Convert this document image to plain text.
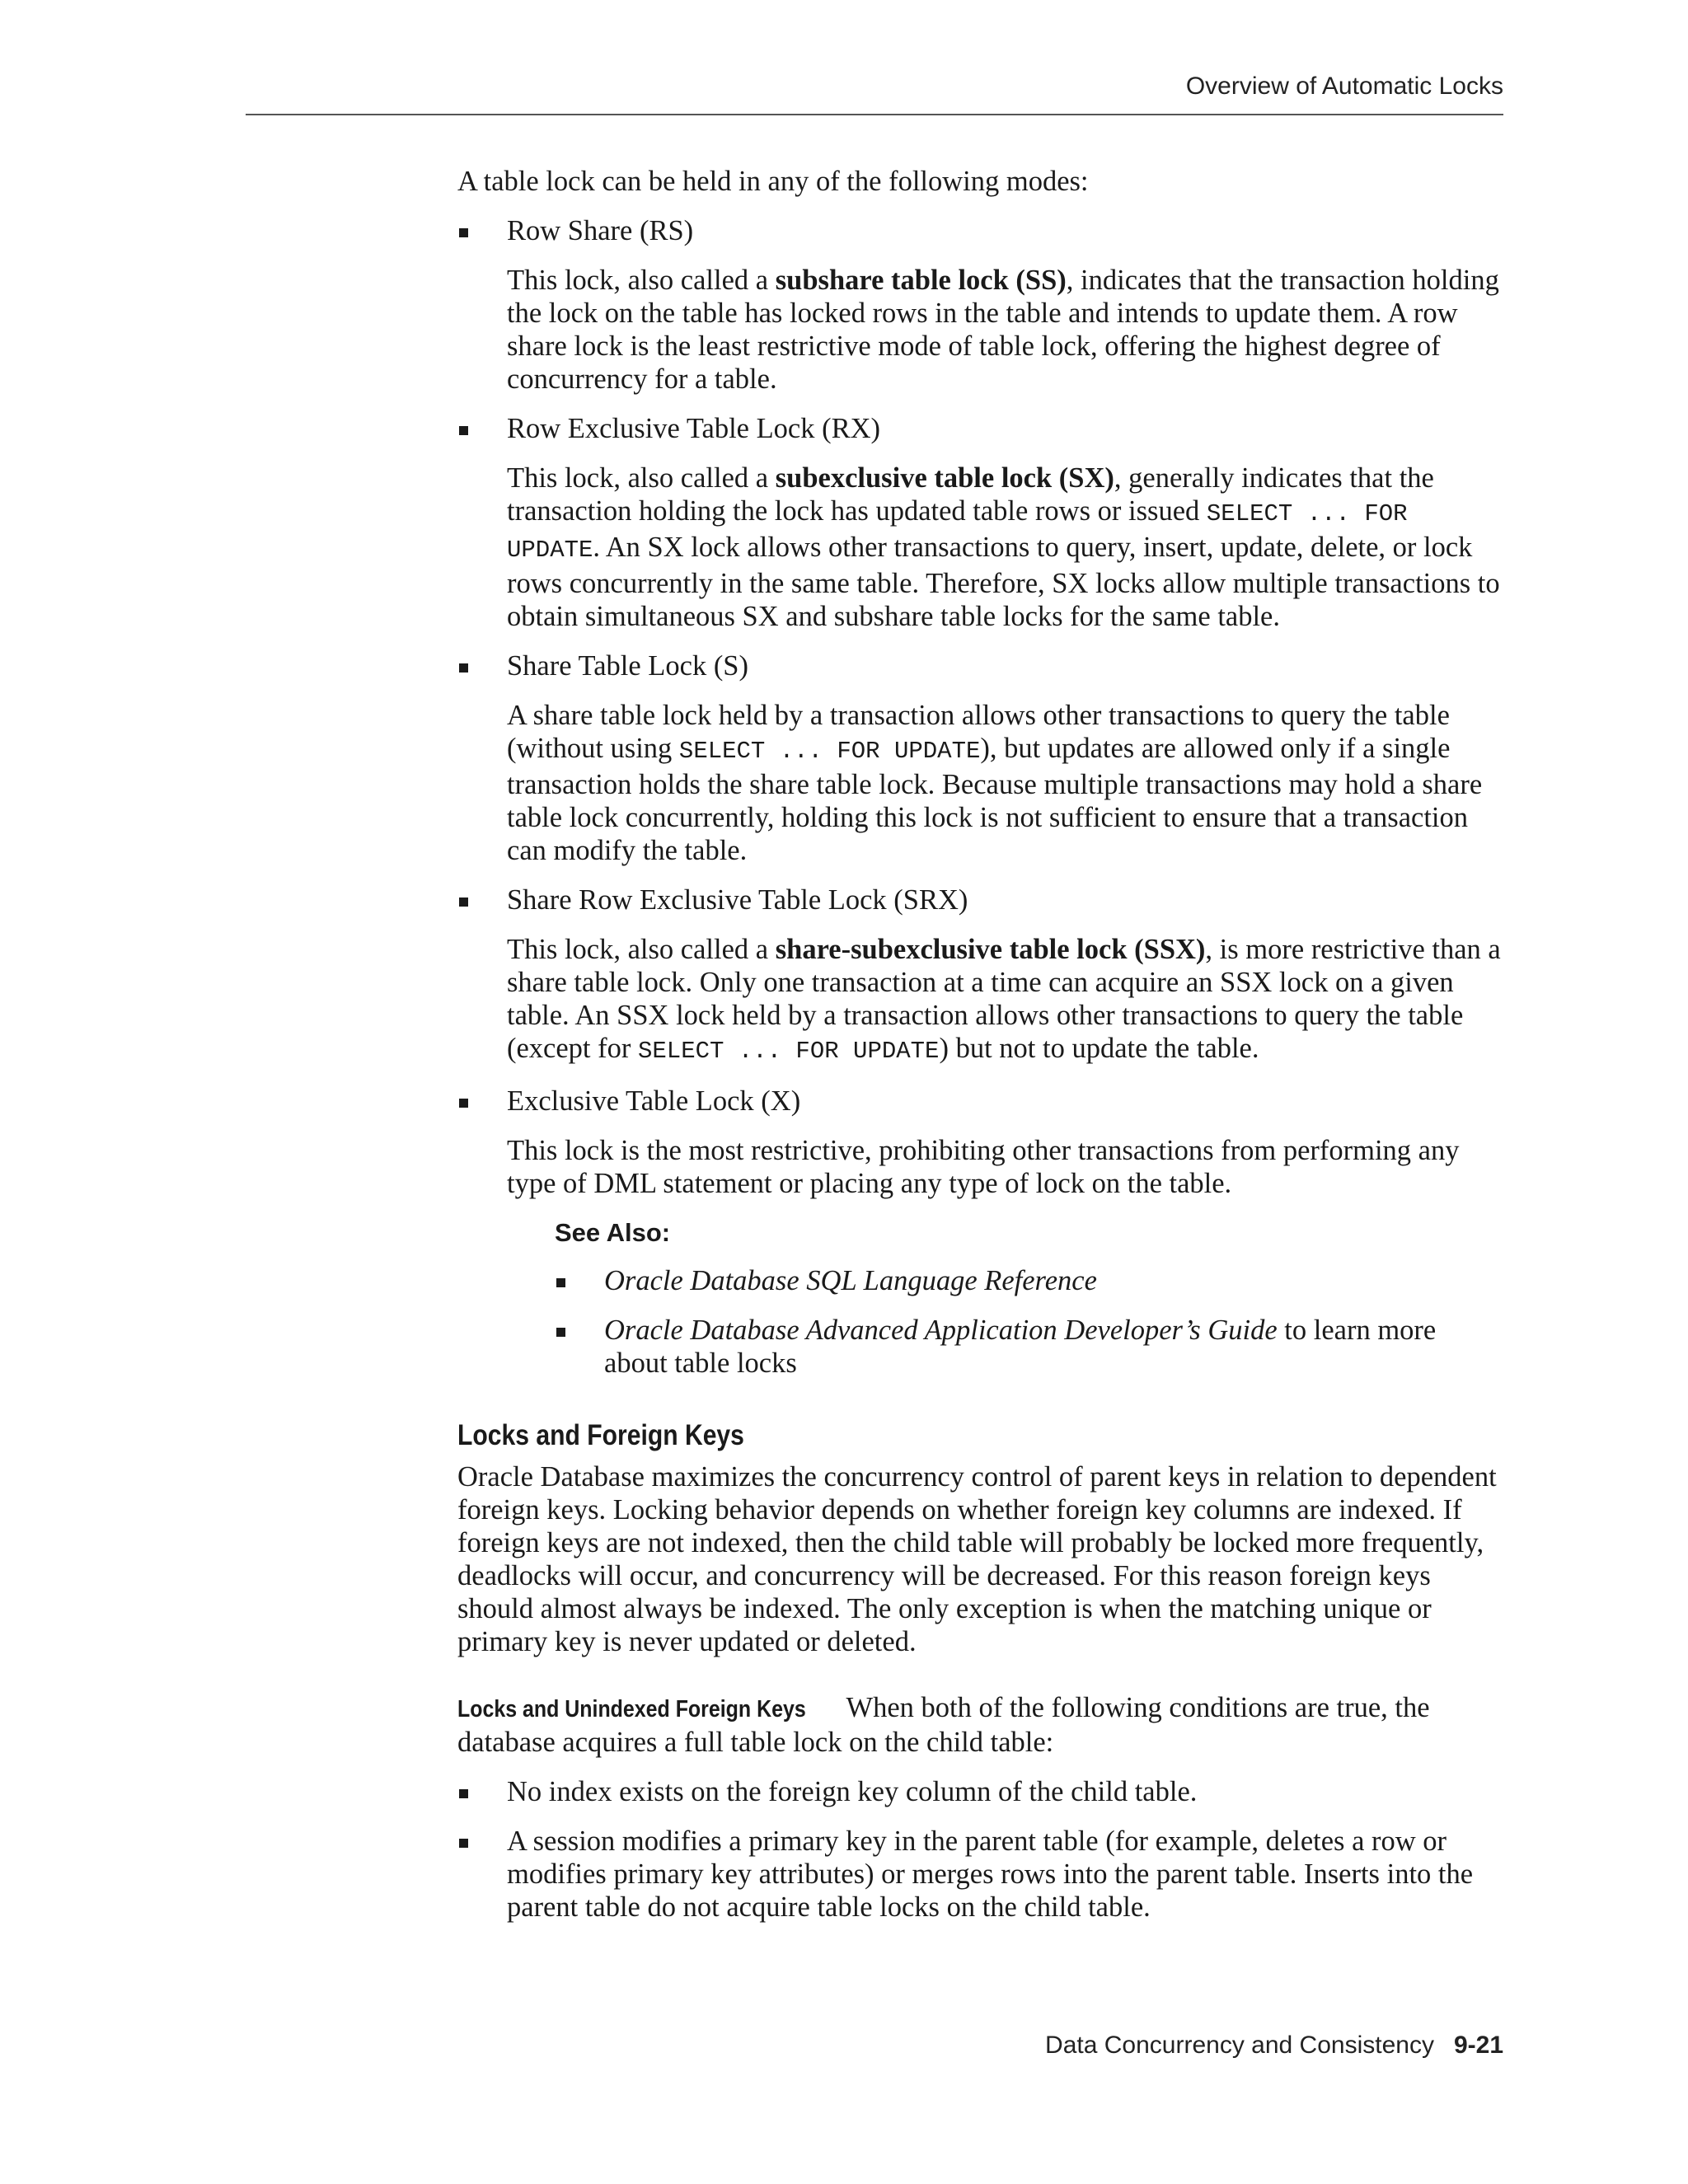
Overview of Automatic Locks

A table lock can be held in any of the following modes:

Row Share (RS)

This lock, also called a subshare table lock (SS), indicates that the transaction holding the lock on the table has locked rows in the table and intends to update them. A row share lock is the least restrictive mode of table lock, offering the highest degree of concurrency for a table.

Row Exclusive Table Lock (RX)

This lock, also called a subexclusive table lock (SX), generally indicates that the transaction holding the lock has updated table rows or issued SELECT ... FOR UPDATE. An SX lock allows other transactions to query, insert, update, delete, or lock rows concurrently in the same table. Therefore, SX locks allow multiple transactions to obtain simultaneous SX and subshare table locks for the same table.

Share Table Lock (S)

A share table lock held by a transaction allows other transactions to query the table (without using SELECT ... FOR UPDATE), but updates are allowed only if a single transaction holds the share table lock. Because multiple transactions may hold a share table lock concurrently, holding this lock is not sufficient to ensure that a transaction can modify the table.

Share Row Exclusive Table Lock (SRX)

This lock, also called a share-subexclusive table lock (SSX), is more restrictive than a share table lock. Only one transaction at a time can acquire an SSX lock on a given table. An SSX lock held by a transaction allows other transactions to query the table (except for SELECT ... FOR UPDATE) but not to update the table.

Exclusive Table Lock (X)

This lock is the most restrictive, prohibiting other transactions from performing any type of DML statement or placing any type of lock on the table.

See Also:

Oracle Database SQL Language Reference

Oracle Database Advanced Application Developer’s Guide to learn more about table locks

Locks and Foreign Keys

Oracle Database maximizes the concurrency control of parent keys in relation to dependent foreign keys. Locking behavior depends on whether foreign key columns are indexed. If foreign keys are not indexed, then the child table will probably be locked more frequently, deadlocks will occur, and concurrency will be decreased. For this reason foreign keys should almost always be indexed. The only exception is when the matching unique or primary key is never updated or deleted.

Locks and Unindexed Foreign Keys When both of the following conditions are true, the database acquires a full table lock on the child table:

No index exists on the foreign key column of the child table.

A session modifies a primary key in the parent table (for example, deletes a row or modifies primary key attributes) or merges rows into the parent table. Inserts into the parent table do not acquire table locks on the child table.

Data Concurrency and Consistency 9-21
